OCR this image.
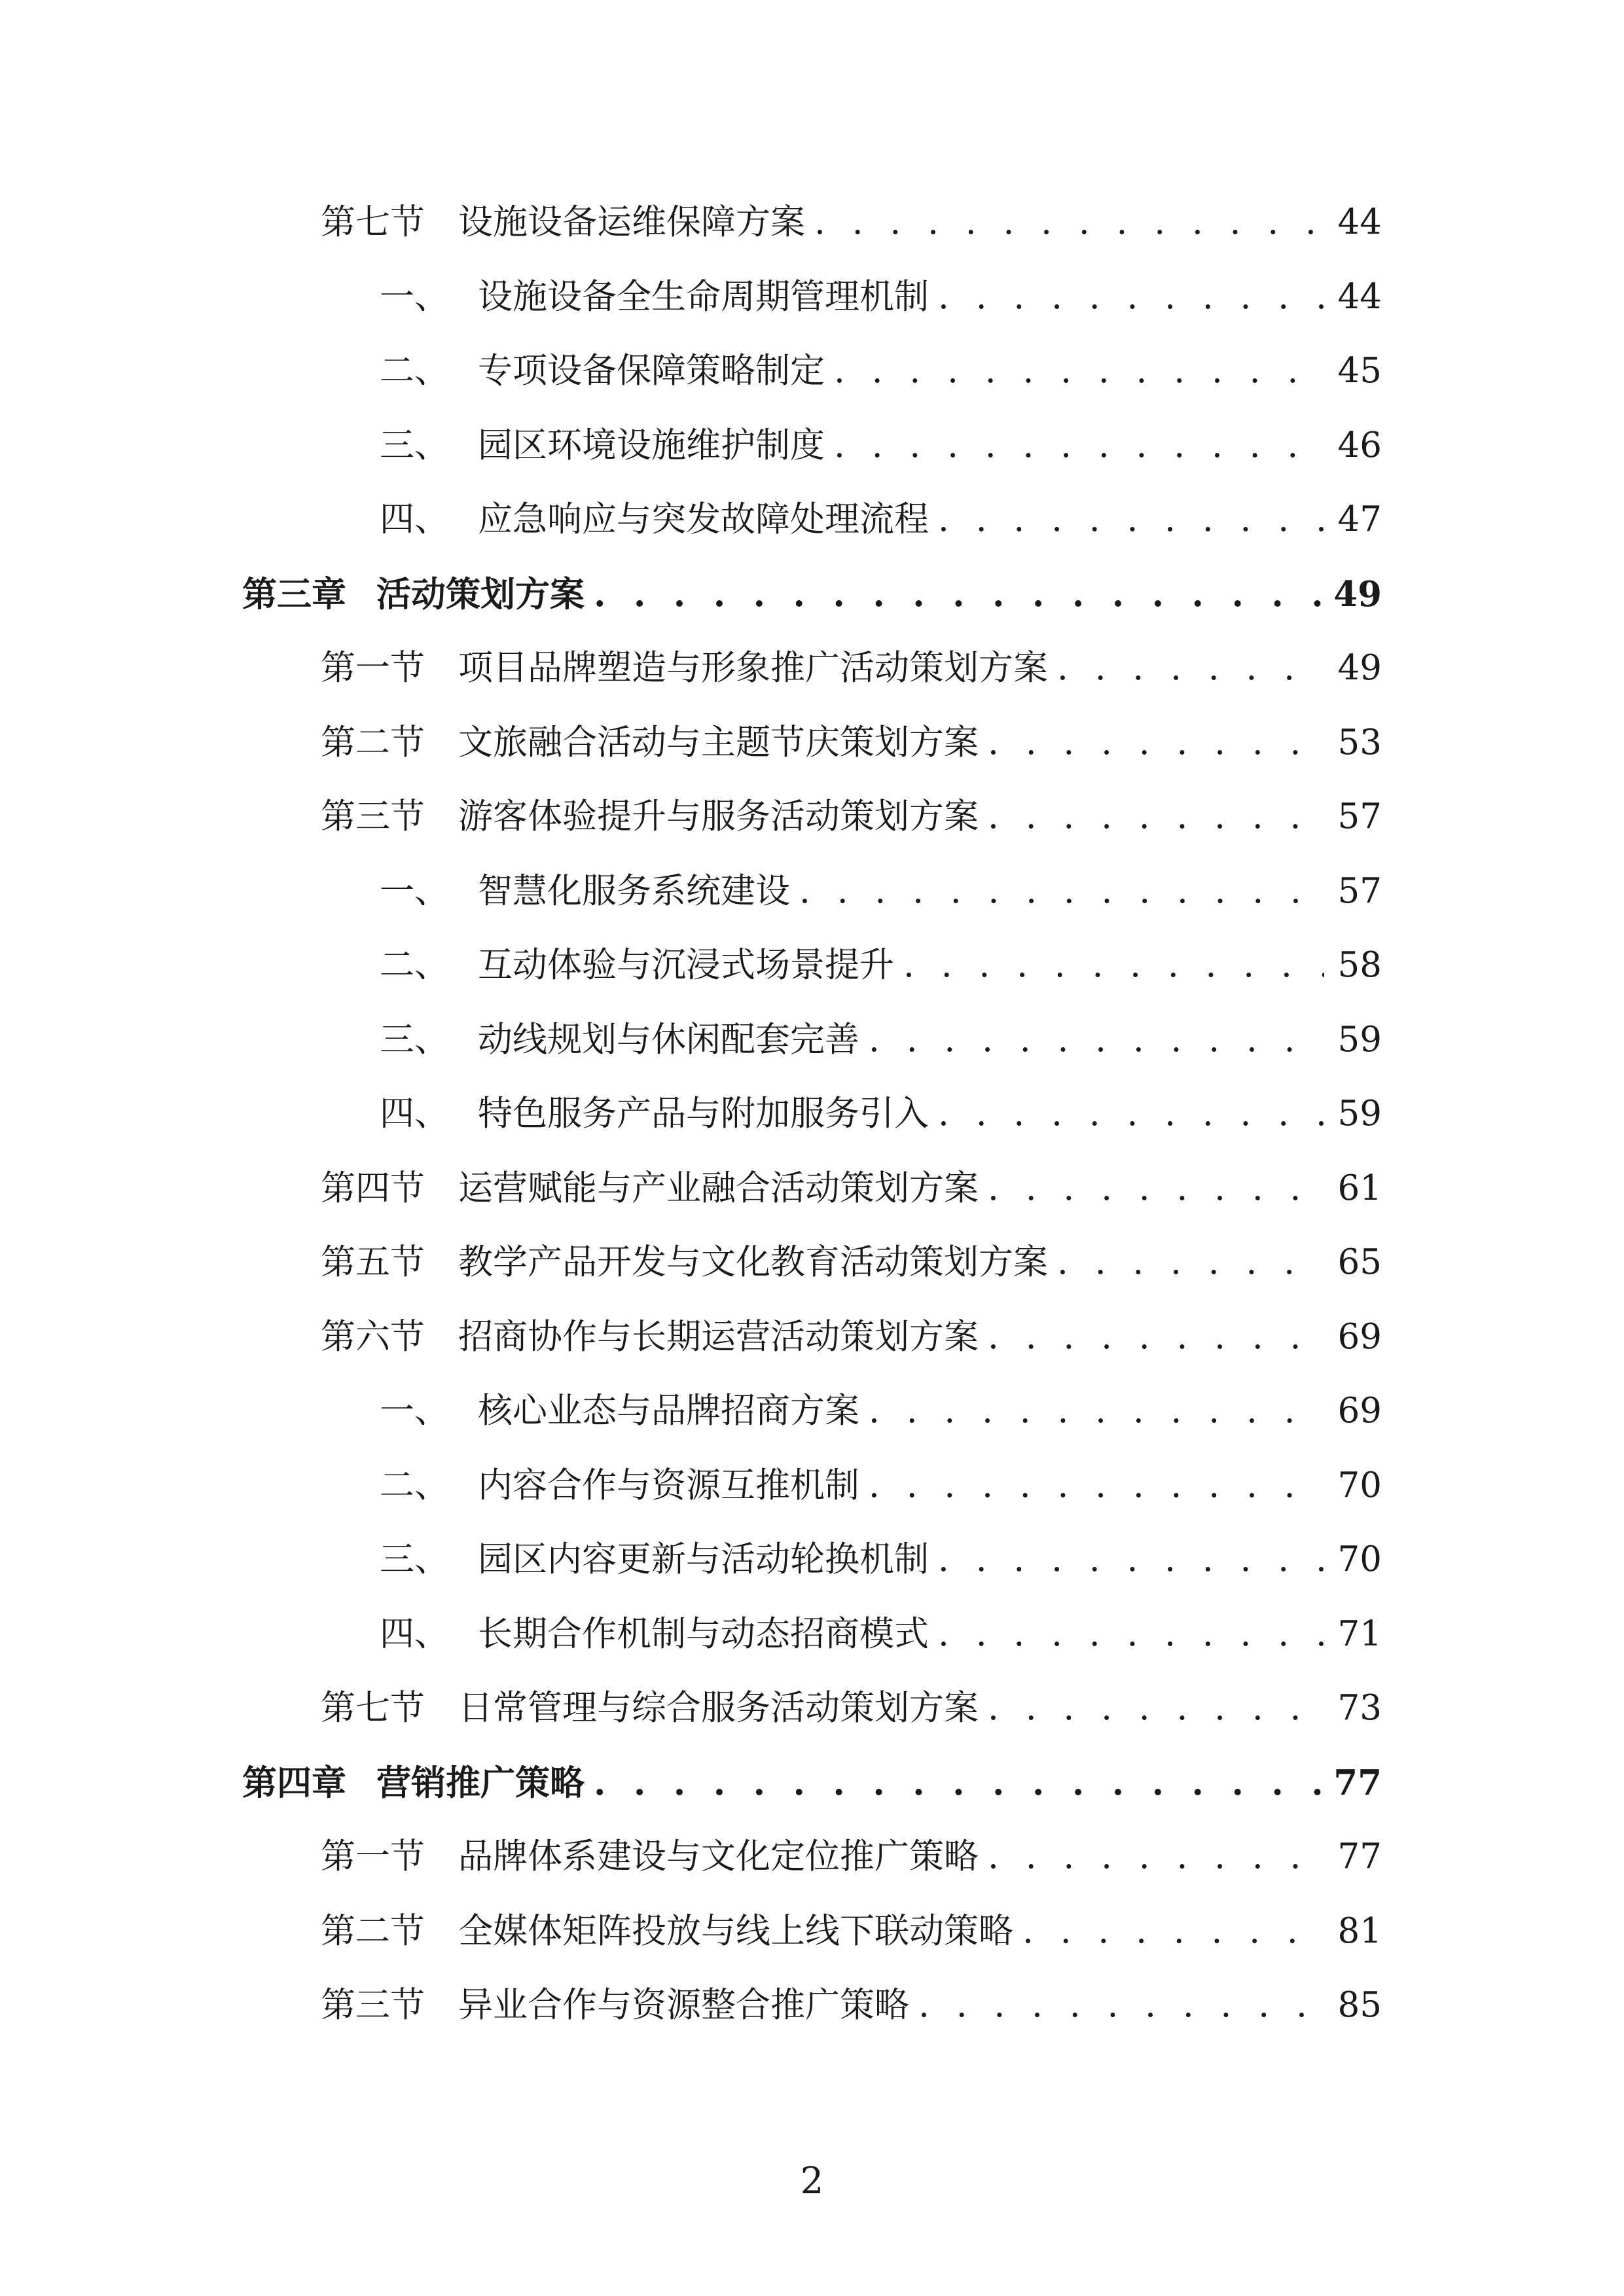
第七节 设施设备运维保障方案 . . .	44
一、 设施设备全生命周期管理机制 . . .	44
二、 专项设备保障策略制定 . . .	45
三、 园区环境设施维护制度 . . .	46
四、 应急响应与突发故障处理流程 . . .	47
第三章 活动策划方案 . . .	49
第一节 项目品牌塑造与形象推广活动策划方案 . . .	49
第二节 文旅融合活动与主题节庆策划方案 . . .	53
第三节 游客体验提升与服务活动策划方案 . . .	57
一、 智慧化服务系统建设 . . .	57
二、 互动体验与沉浸式场景提升 . . .	58
三、 动线规划与休闲配套完善 . . .	59
四、 特色服务产品与附加服务引入 . . .	59
第四节 运营赋能与产业融合活动策划方案 . . .	61
第五节 教学产品开发与文化教育活动策划方案 . . .	65
第六节 招商协作与长期运营活动策划方案 . . .	69
一、 核心业态与品牌招商方案 . . .	69
二、 内容合作与资源互推机制 . . .	70
三、 园区内容更新与活动轮换机制 . . .	70
四、 长期合作机制与动态招商模式 . . .	71
第七节 日常管理与综合服务活动策划方案 . . .	73
第四章 营销推广策略 . . .	77
第一节 品牌体系建设与文化定位推广策略 . . .	77
第二节 全媒体矩阵投放与线上线下联动策略 . . .	81
第三节 异业合作与资源整合推广策略 . . .	85
2
